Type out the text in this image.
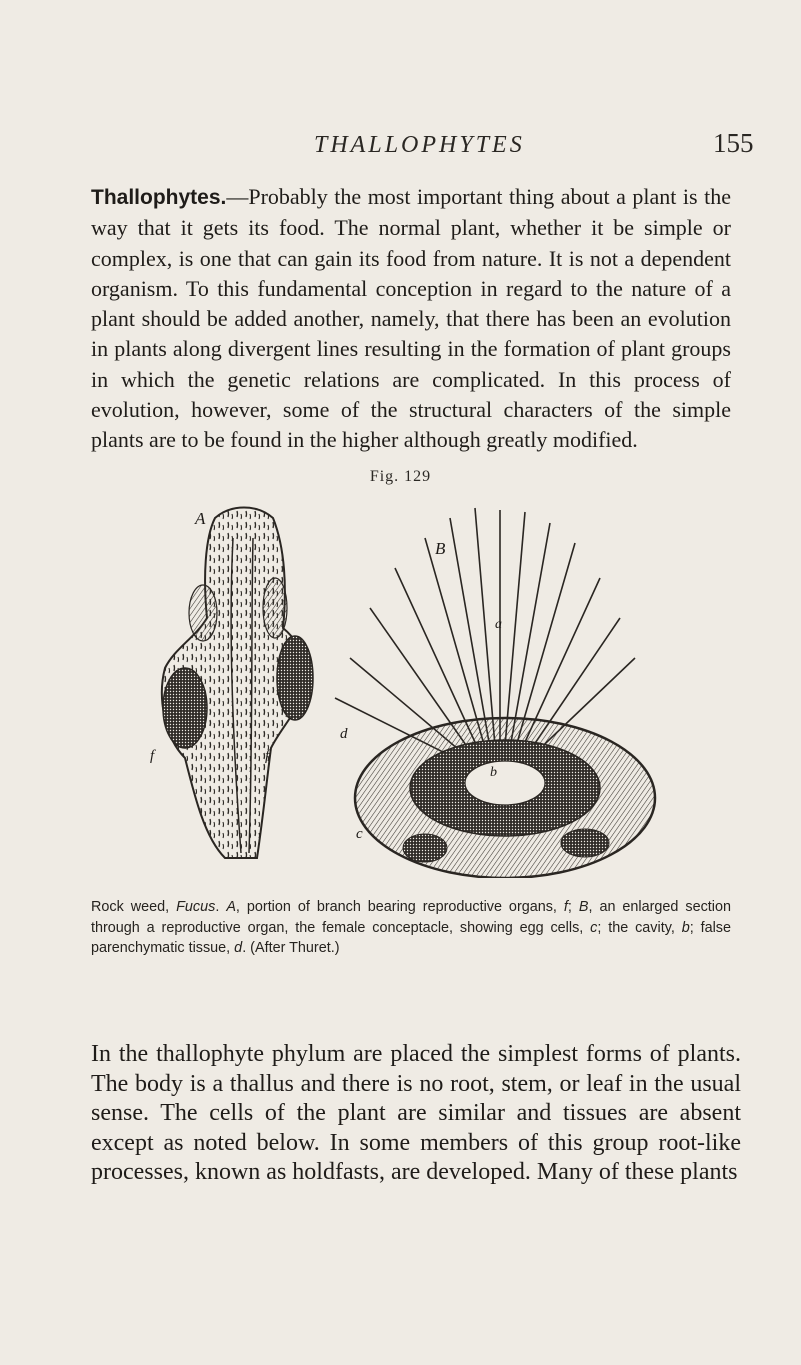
THALLOPHYTES	155

Thallophytes.—Probably the most important thing about a plant is the way that it gets its food. The normal plant, whether it be simple or complex, is one that can gain its food from nature. It is not a dependent organism. To this fundamental conception in regard to the nature of a plant should be added another, namely, that there has been an evolution in plants along divergent lines resulting in the formation of plant groups in which the genetic relations are complicated. In this process of evolution, however, some of the structural characters of the simple plants are to be found in the higher although greatly modified.

Fig. 129
A
B
a
b
c
d
f	f

Rock weed, Fucus. A, portion of branch bearing reproductive organs, f; B, an enlarged section through a reproductive organ, the female conceptacle, showing egg cells, c; the cavity, b; false parenchymatic tissue, d. (After Thuret.)

In the thallophyte phylum are placed the simplest forms of plants. The body is a thallus and there is no root, stem, or leaf in the usual sense. The cells of the plant are similar and tissues are absent except as noted below. In some members of this group root-like processes, known as holdfasts, are developed. Many of these plants
